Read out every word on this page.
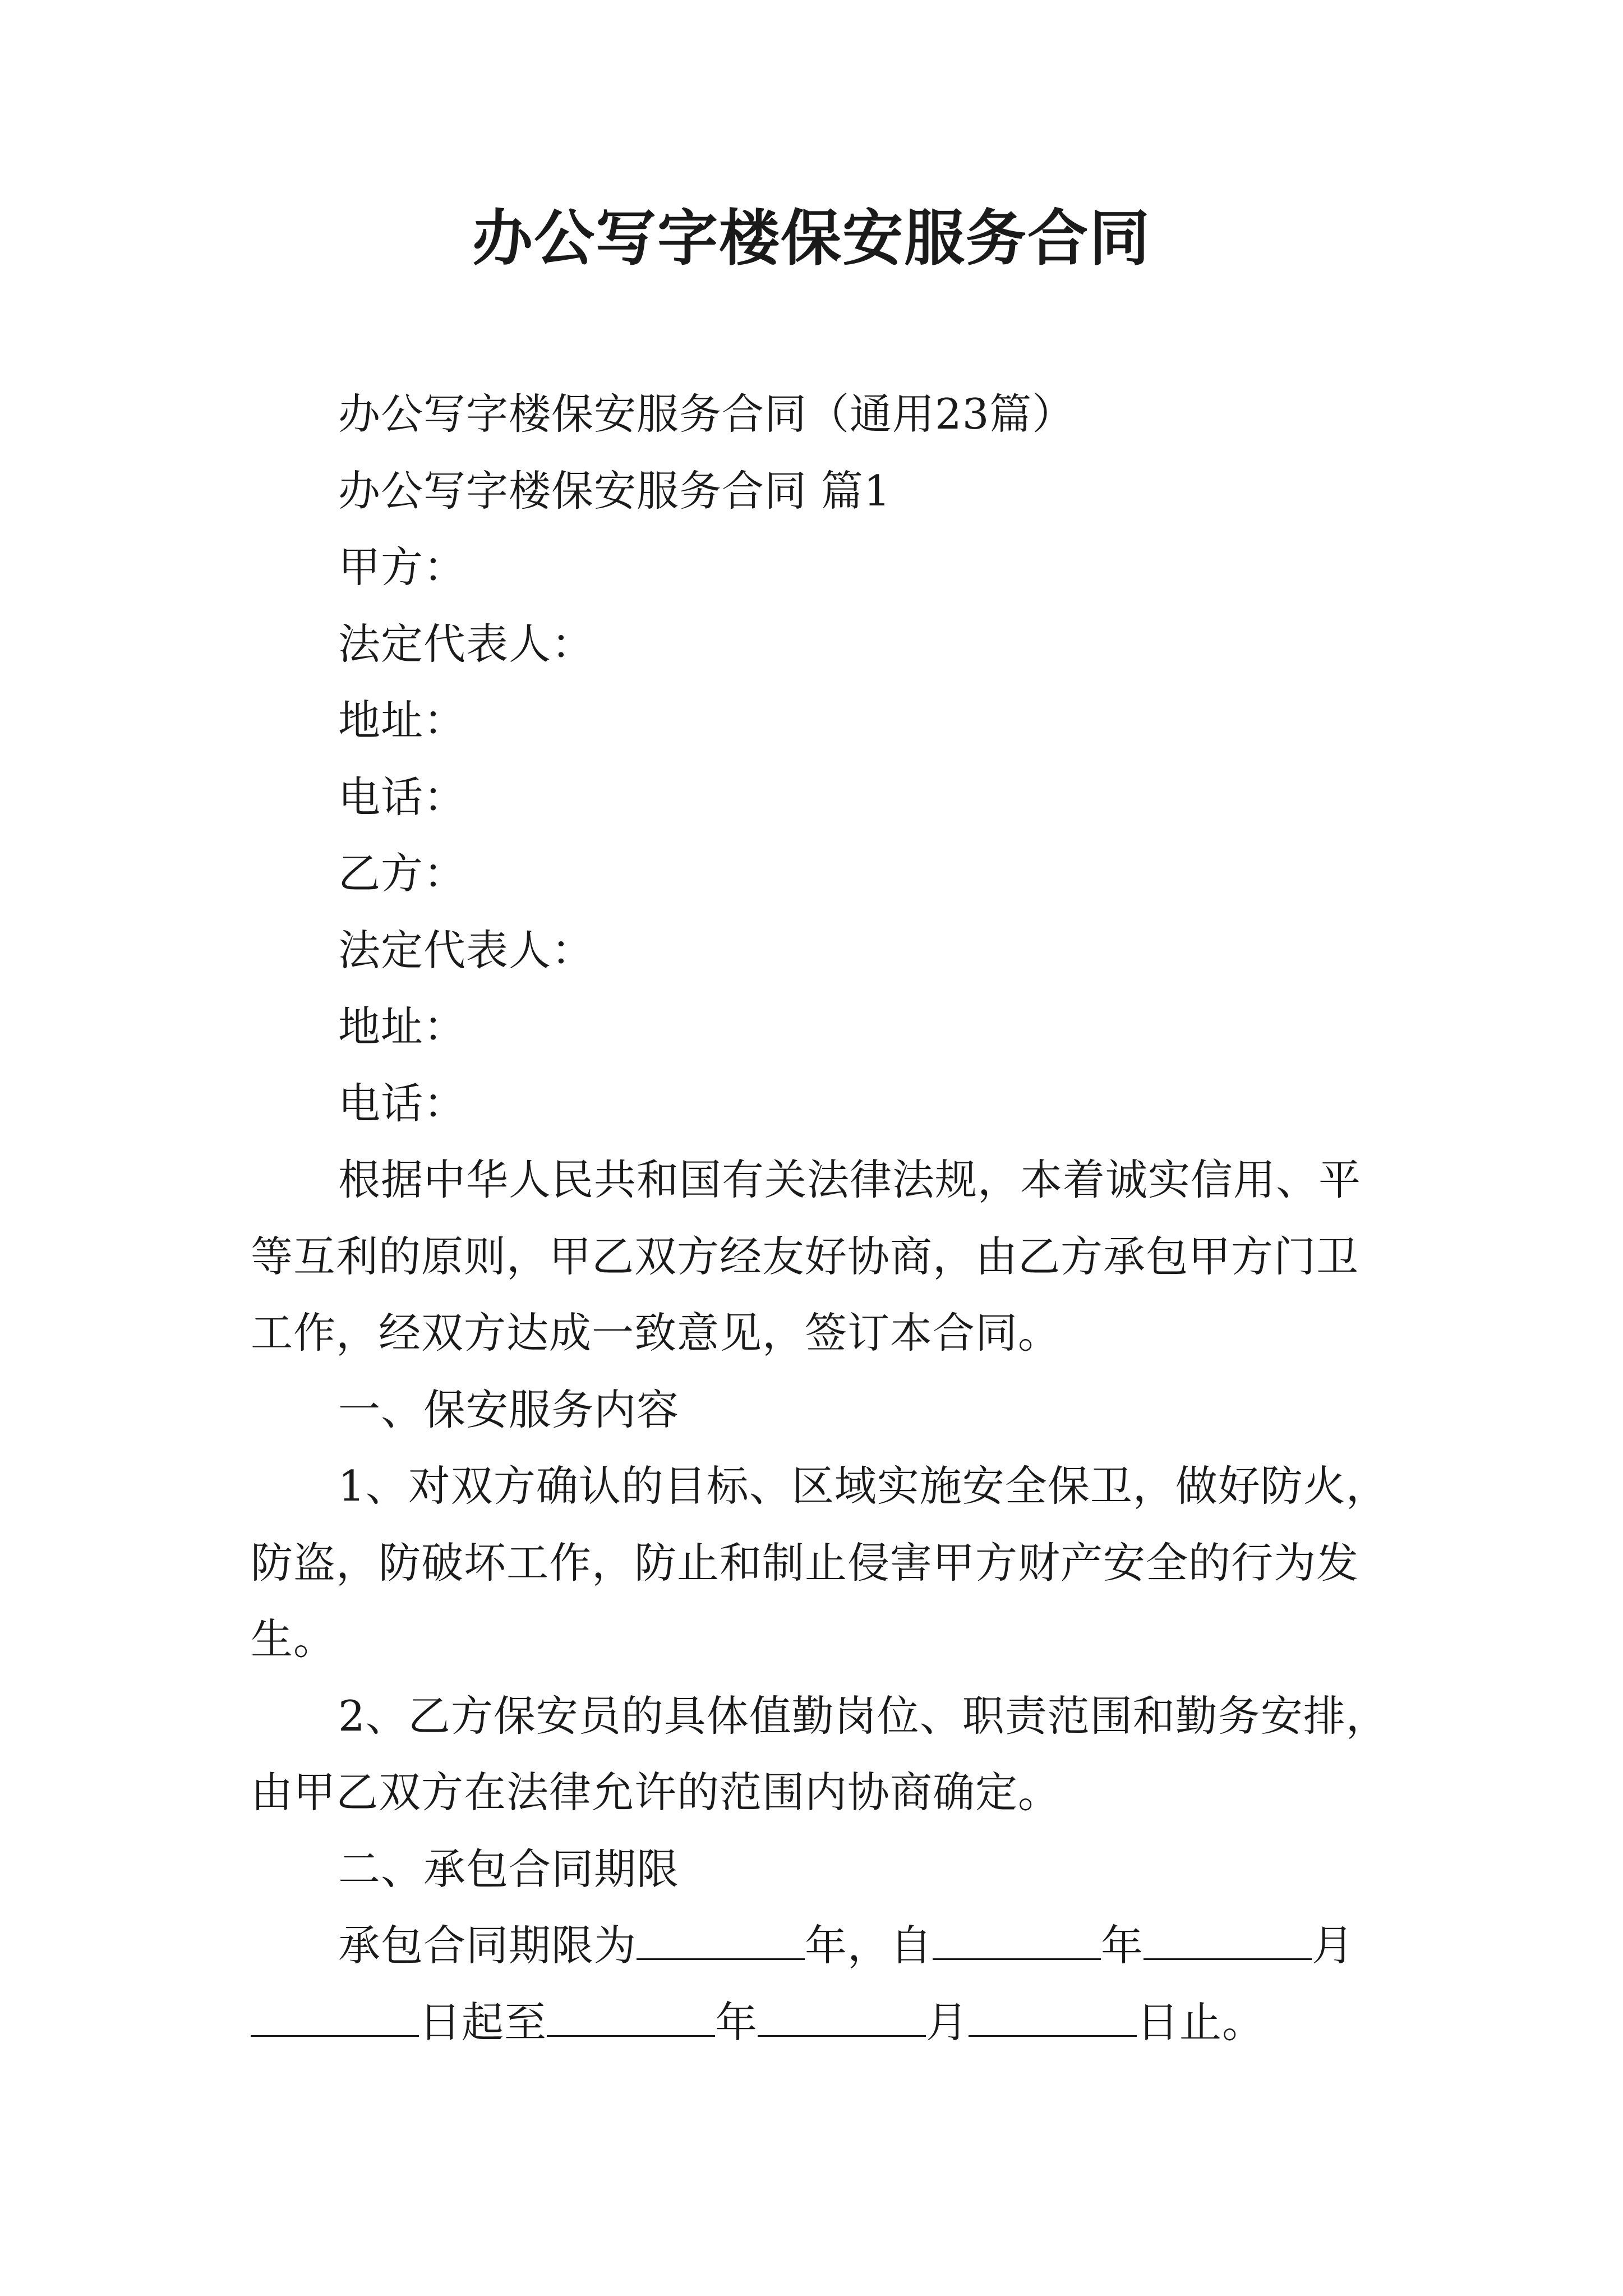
办公写字楼保安服务合同

办公写字楼保安服务合同（通用23篇）

办公写字楼保安服务合同 篇1

甲方：

法定代表人：

地址：

电话：

乙方：

法定代表人：

地址：

电话：

根据中华人民共和国有关法律法规，本着诚实信用、平等互利的原则，甲乙双方经友好协商，由乙方承包甲方门卫工作，经双方达成一致意见，签订本合同。

一、保安服务内容

1、对双方确认的目标、区域实施安全保卫，做好防火，防盗，防破坏工作，防止和制止侵害甲方财产安全的行为发生。

2、乙方保安员的具体值勤岗位、职责范围和勤务安排，由甲乙双方在法律允许的范围内协商确定。

二、承包合同期限

承包合同期限为	年，自	年	月日起至	年	月	日止。
